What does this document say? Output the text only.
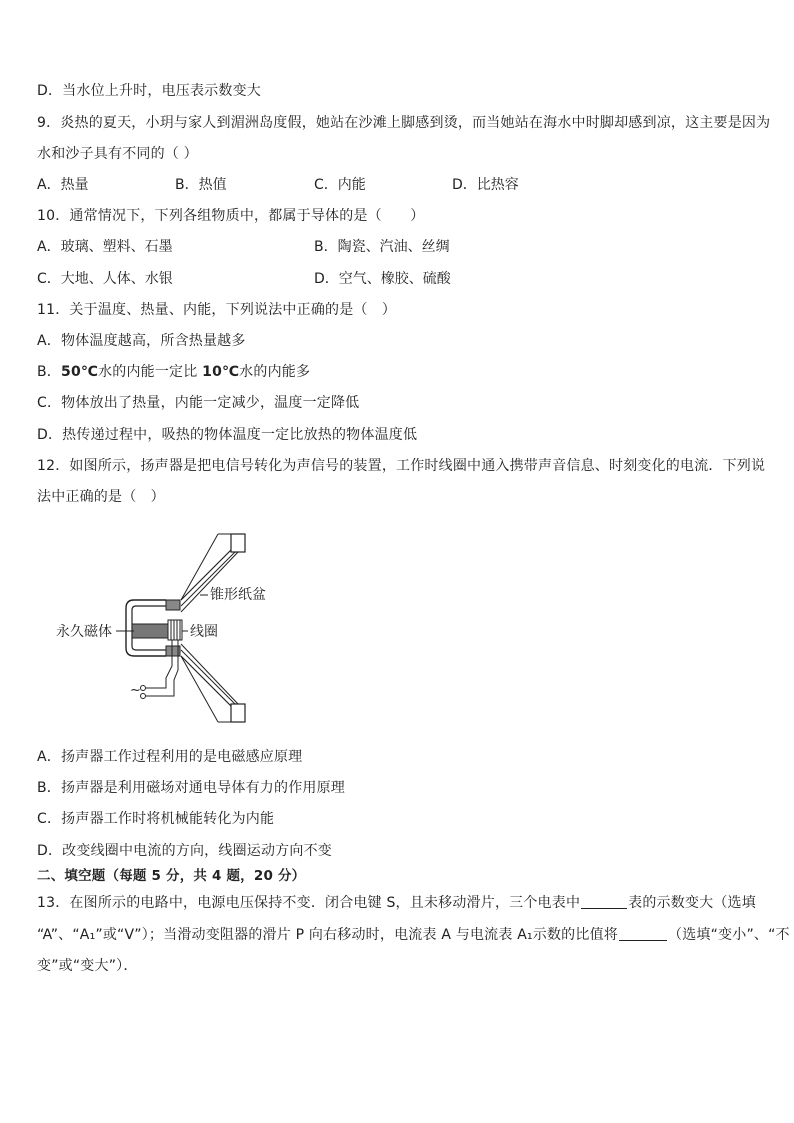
D．当水位上升时，电压表示数变大
9．炎热的夏天，小玥与家人到湄洲岛度假，她站在沙滩上脚感到烫，而当她站在海水中时脚却感到凉，这主要是因为
水和沙子具有不同的（ ）
A．热量	B．热值	C．内能	D．比热容
10．通常情况下，下列各组物质中，都属于导体的是（　　）
A．玻璃、塑料、石墨	B．陶瓷、汽油、丝绸
C．大地、人体、水银	D．空气、橡胶、硫酸
11．关于温度、热量、内能，下列说法中正确的是（　）
A．物体温度越高，所含热量越多
B．50℃水的内能一定比 10℃水的内能多
C．物体放出了热量，内能一定减少，温度一定降低
D．热传递过程中，吸热的物体温度一定比放热的物体温度低
12．如图所示，扬声器是把电信号转化为声信号的装置，工作时线圈中通入携带声音信息、时刻变化的电流．下列说
法中正确的是（　）
锥形纸盆
永久磁体	线圈
~
A．扬声器工作过程利用的是电磁感应原理
B．扬声器是利用磁场对通电导体有力的作用原理
C．扬声器工作时将机械能转化为内能
D．改变线圈中电流的方向，线圈运动方向不变
二、填空题（每题 5 分，共 4 题，20 分）
13．在图所示的电路中，电源电压保持不变．闭合电键 S，且未移动滑片，三个电表中	表的示数变大（选填
“A”、“A₁”或“V”）；当滑动变阻器的滑片 P 向右移动时，电流表 A 与电流表 A₁示数的比值将	（选填“变小”、“不
变”或“变大”）．
